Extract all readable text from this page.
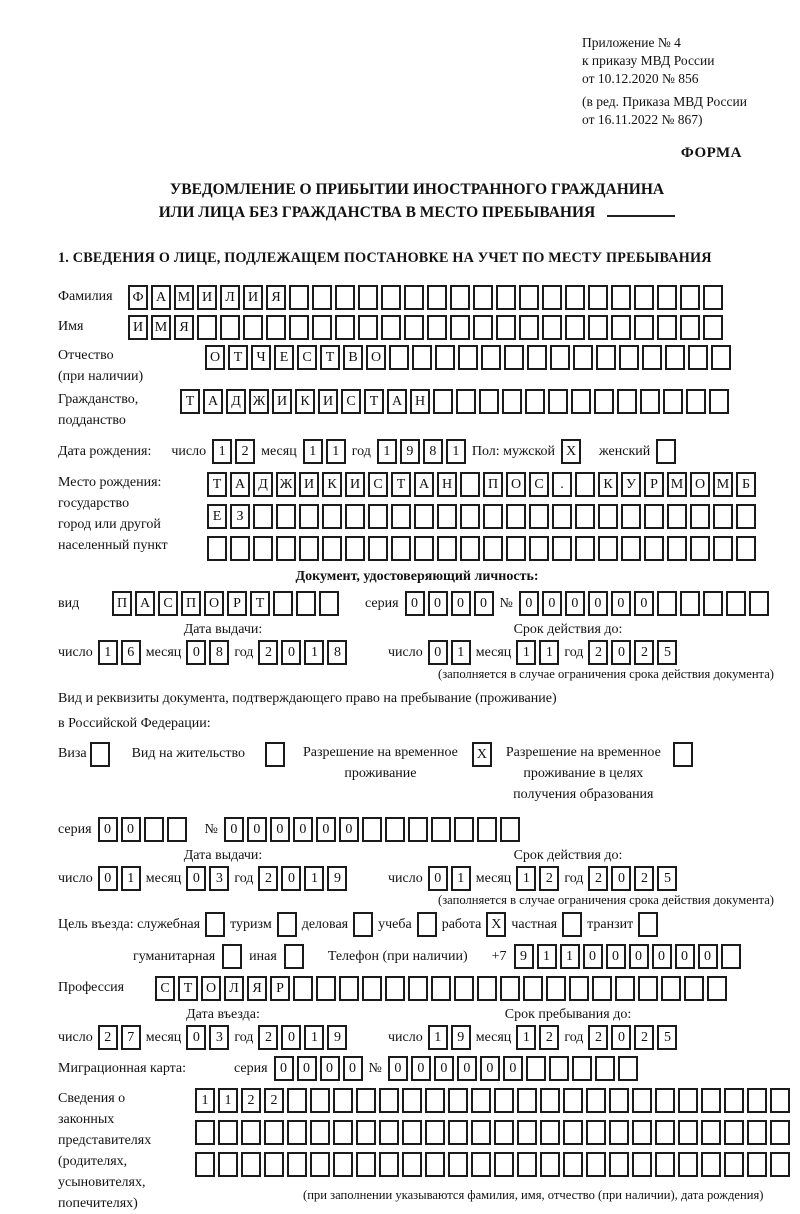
Приложение № 4
к приказу МВД России
от 10.12.2020 № 856
(в ред. Приказа МВД России
от 16.11.2022 № 867)
ФОРМА
УВЕДОМЛЕНИЕ О ПРИБЫТИИ ИНОСТРАННОГО ГРАЖДАНИНА
ИЛИ ЛИЦА БЕЗ ГРАЖДАНСТВА В МЕСТО ПРЕБЫВАНИЯ
1. СВЕДЕНИЯ О ЛИЦЕ, ПОДЛЕЖАЩЕМ ПОСТАНОВКЕ НА УЧЕТ ПО МЕСТУ ПРЕБЫВАНИЯ
Фамилия	Ф А М И Л И Я
Имя	И М Я
Отчество
(при наличии)
О Т	Ч	Е	С	Т	В О
Гражданство,
подданство
Т А Д Ж И К И С	Т А Н
Дата рождения: число 1	2 месяц 1	1 год 1	9	8	1 Пол: мужской X	женский
Место рождения:
государство
город или другой
населенный пункт
Т А Д Ж И К И С	Т А Н	П О С	.	К У	Р М О М Б
Е	З
Документ, удостоверяющий личность:
вид	П А С П О	Р	Т	серия 0	0	0	0 № 0	0	0	0	0	0
Дата выдачи:	Срок действия до:
число 1	6 месяц 0	8 год 2	0	1	8	число 0	1 месяц 1	1 год 2	0	2	5
(заполняется в случае ограничения срока действия документа)
Вид и реквизиты документа, подтверждающего право на пребывание (проживание)
в Российской Федерации:
Виза	Вид на жительство	Разрешение на временное
проживание
X	Разрешение на временное
проживание в целях
получения образования
серия 0	0	№ 0	0	0	0	0	0
Дата выдачи:	Срок действия до:
число 0	1 месяц 0	3 год 2	0	1	9	число 0	1 месяц 1	2 год 2	0	2	5
(заполняется в случае ограничения срока действия документа)
Цель въезда: служебная туризм деловая учеба работа X частная транзит
гуманитарная иная	Телефон (при наличии) +7 9	1	1	0	0	0	0	0	0
Профессия	С	Т О Л Я	Р
Дата въезда:	Срок пребывания до:
число 2	7 месяц 0	3 год 2	0	1	9	число 1	9 месяц 1	2 год 2	0	2	5
Миграционная карта:	серия 0	0	0	0 № 0	0	0	0	0	0
Сведения о
законных
представителях
(родителях,
усыновителях,
попечителях)
1	1	2	2
(при заполнении указываются фамилия, имя, отчество (при наличии), дата рождения)
